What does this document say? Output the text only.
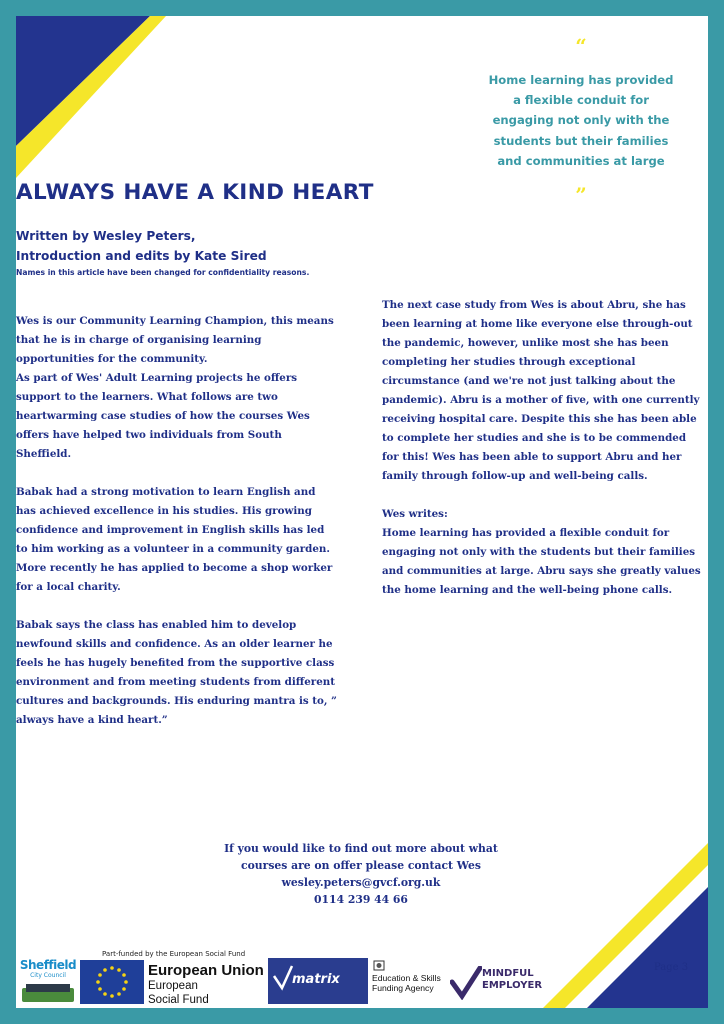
ALWAYS HAVE A KIND HEART
Written by Wesley Peters,
Introduction and edits by Kate Sired
Names in this article have been changed for confidentiality reasons.
“
Home learning has provided a flexible conduit for engaging not only with the students but their families and communities at large
”

Wes is our Community Learning Champion, this means that he is in charge of organising learning opportunities for the community.
As part of Wes' Adult Learning projects he offers support to the learners. What follows are two heartwarming case studies of how the courses Wes offers have helped two individuals from South Sheffield.

Babak had a strong motivation to learn English and has achieved excellence in his studies. His growing confidence and improvement in English skills has led to him working as a volunteer in a community garden. More recently he has applied to become a shop worker for a local charity.

Babak says the class has enabled him to develop newfound skills and confidence. As an older learner he feels he has hugely benefited from the supportive class environment and from meeting students from different cultures and backgrounds. His enduring mantra is to, ” always have a kind heart.”

The next case study from Wes is about Abru, she has been learning at home like everyone else through-out the pandemic, however, unlike most she has been completing her studies through exceptional circumstance (and we're not just talking about the pandemic). Abru is a mother of five, with one currently receiving hospital care. Despite this she has been able to complete her studies and she is to be commended for this! Wes has been able to support Abru and her family through follow-up and well-being calls.

Wes writes:
Home learning has provided a flexible conduit for engaging not only with the students but their families and communities at large. Abru says she greatly values the home learning and the well-being phone calls.

If you would like to find out more about what
courses are on offer please contact Wes
wesley.peters@gvcf.org.uk
0114 239 44 66
Sheffield
City Council
Part-funded by the European Social Fund
European Union
European
Social Fund
matrix	Education & Skills
Funding Agency
MINDFUL
EMPLOYER
Page 3
